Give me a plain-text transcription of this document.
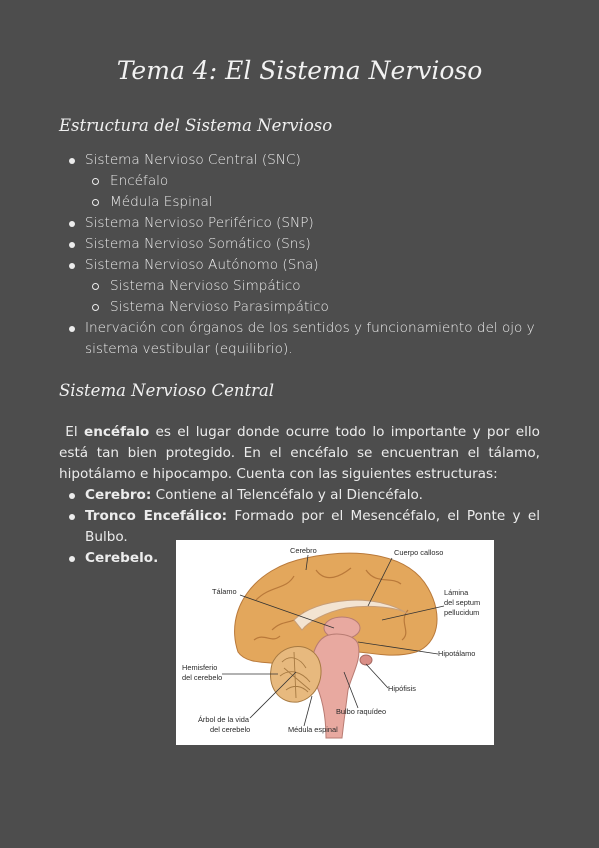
Tema 4: El Sistema Nervioso
Estructura del Sistema Nervioso
Sistema Nervioso Central (SNC)
Encéfalo
Médula Espinal
Sistema Nervioso Periférico (SNP)
Sistema Nervioso Somático (Sns)
Sistema Nervioso Autónomo (Sna)
Sistema Nervioso Simpático
Sistema Nervioso Parasimpático
Inervación con órganos de los sentidos y funcionamiento del ojo y sistema vestibular (equilibrio).
Sistema Nervioso Central

El encéfalo es el lugar donde ocurre todo lo importante y por ello está tan bien protegido. En el encéfalo se encuentran el tálamo, hipotálamo e hipocampo. Cuenta con las siguientes estructuras:

Cerebro: Contiene al Telencéfalo y al Diencéfalo.
Tronco Encefálico: Formado por el Mesencéfalo, el Ponte y el Bulbo.
Cerebelo.	Cerebro	Cuerpo calloso
Tálamo	Lámina
del septum
pellucidum
Hipotálamo
Hemisferio
del cerebelo
Hipófisis
Bulbo raquídeo
Árbol de la vida
del cerebelo	Médula espinal
